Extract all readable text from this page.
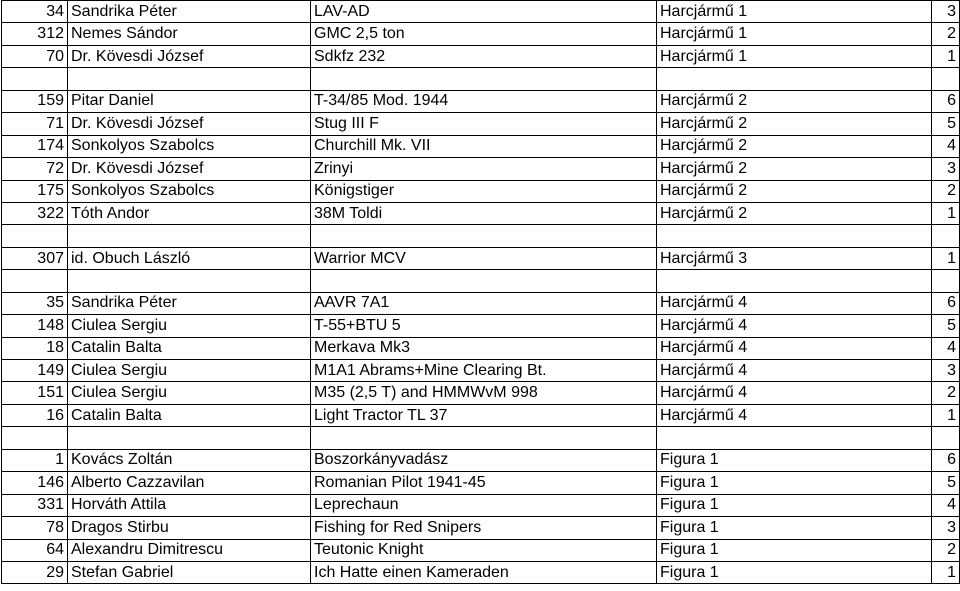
34	Sandrika Péter	LAV-AD	Harcjármű 1	3
312	Nemes Sándor	GMC 2,5 ton	Harcjármű 1	2
70	Dr. Kövesdi József	Sdkfz 232	Harcjármű 1	1

159	Pitar Daniel	T-34/85 Mod. 1944	Harcjármű 2	6
71	Dr. Kövesdi József	Stug III F	Harcjármű 2	5
174	Sonkolyos Szabolcs	Churchill Mk. VII	Harcjármű 2	4
72	Dr. Kövesdi József	Zrinyi	Harcjármű 2	3
175	Sonkolyos Szabolcs	Königstiger	Harcjármű 2	2
322	Tóth Andor	38M Toldi	Harcjármű 2	1

307	id. Obuch László	Warrior MCV	Harcjármű 3	1

35	Sandrika Péter	AAVR 7A1	Harcjármű 4	6
148	Ciulea Sergiu	T-55+BTU 5	Harcjármű 4	5
18	Catalin Balta	Merkava Mk3	Harcjármű 4	4
149	Ciulea Sergiu	M1A1 Abrams+Mine Clearing Bt.	Harcjármű 4	3
151	Ciulea Sergiu	M35 (2,5 T) and HMMWvM 998	Harcjármű 4	2
16	Catalin Balta	Light Tractor TL 37	Harcjármű 4	1

1	Kovács Zoltán	Boszorkányvadász	Figura 1	6
146	Alberto Cazzavilan	Romanian Pilot 1941-45	Figura 1	5
331	Horváth Attila	Leprechaun	Figura 1	4
78	Dragos Stirbu	Fishing for Red Snipers	Figura 1	3
64	Alexandru Dimitrescu	Teutonic Knight	Figura 1	2
29	Stefan Gabriel	Ich Hatte einen Kameraden	Figura 1	1
